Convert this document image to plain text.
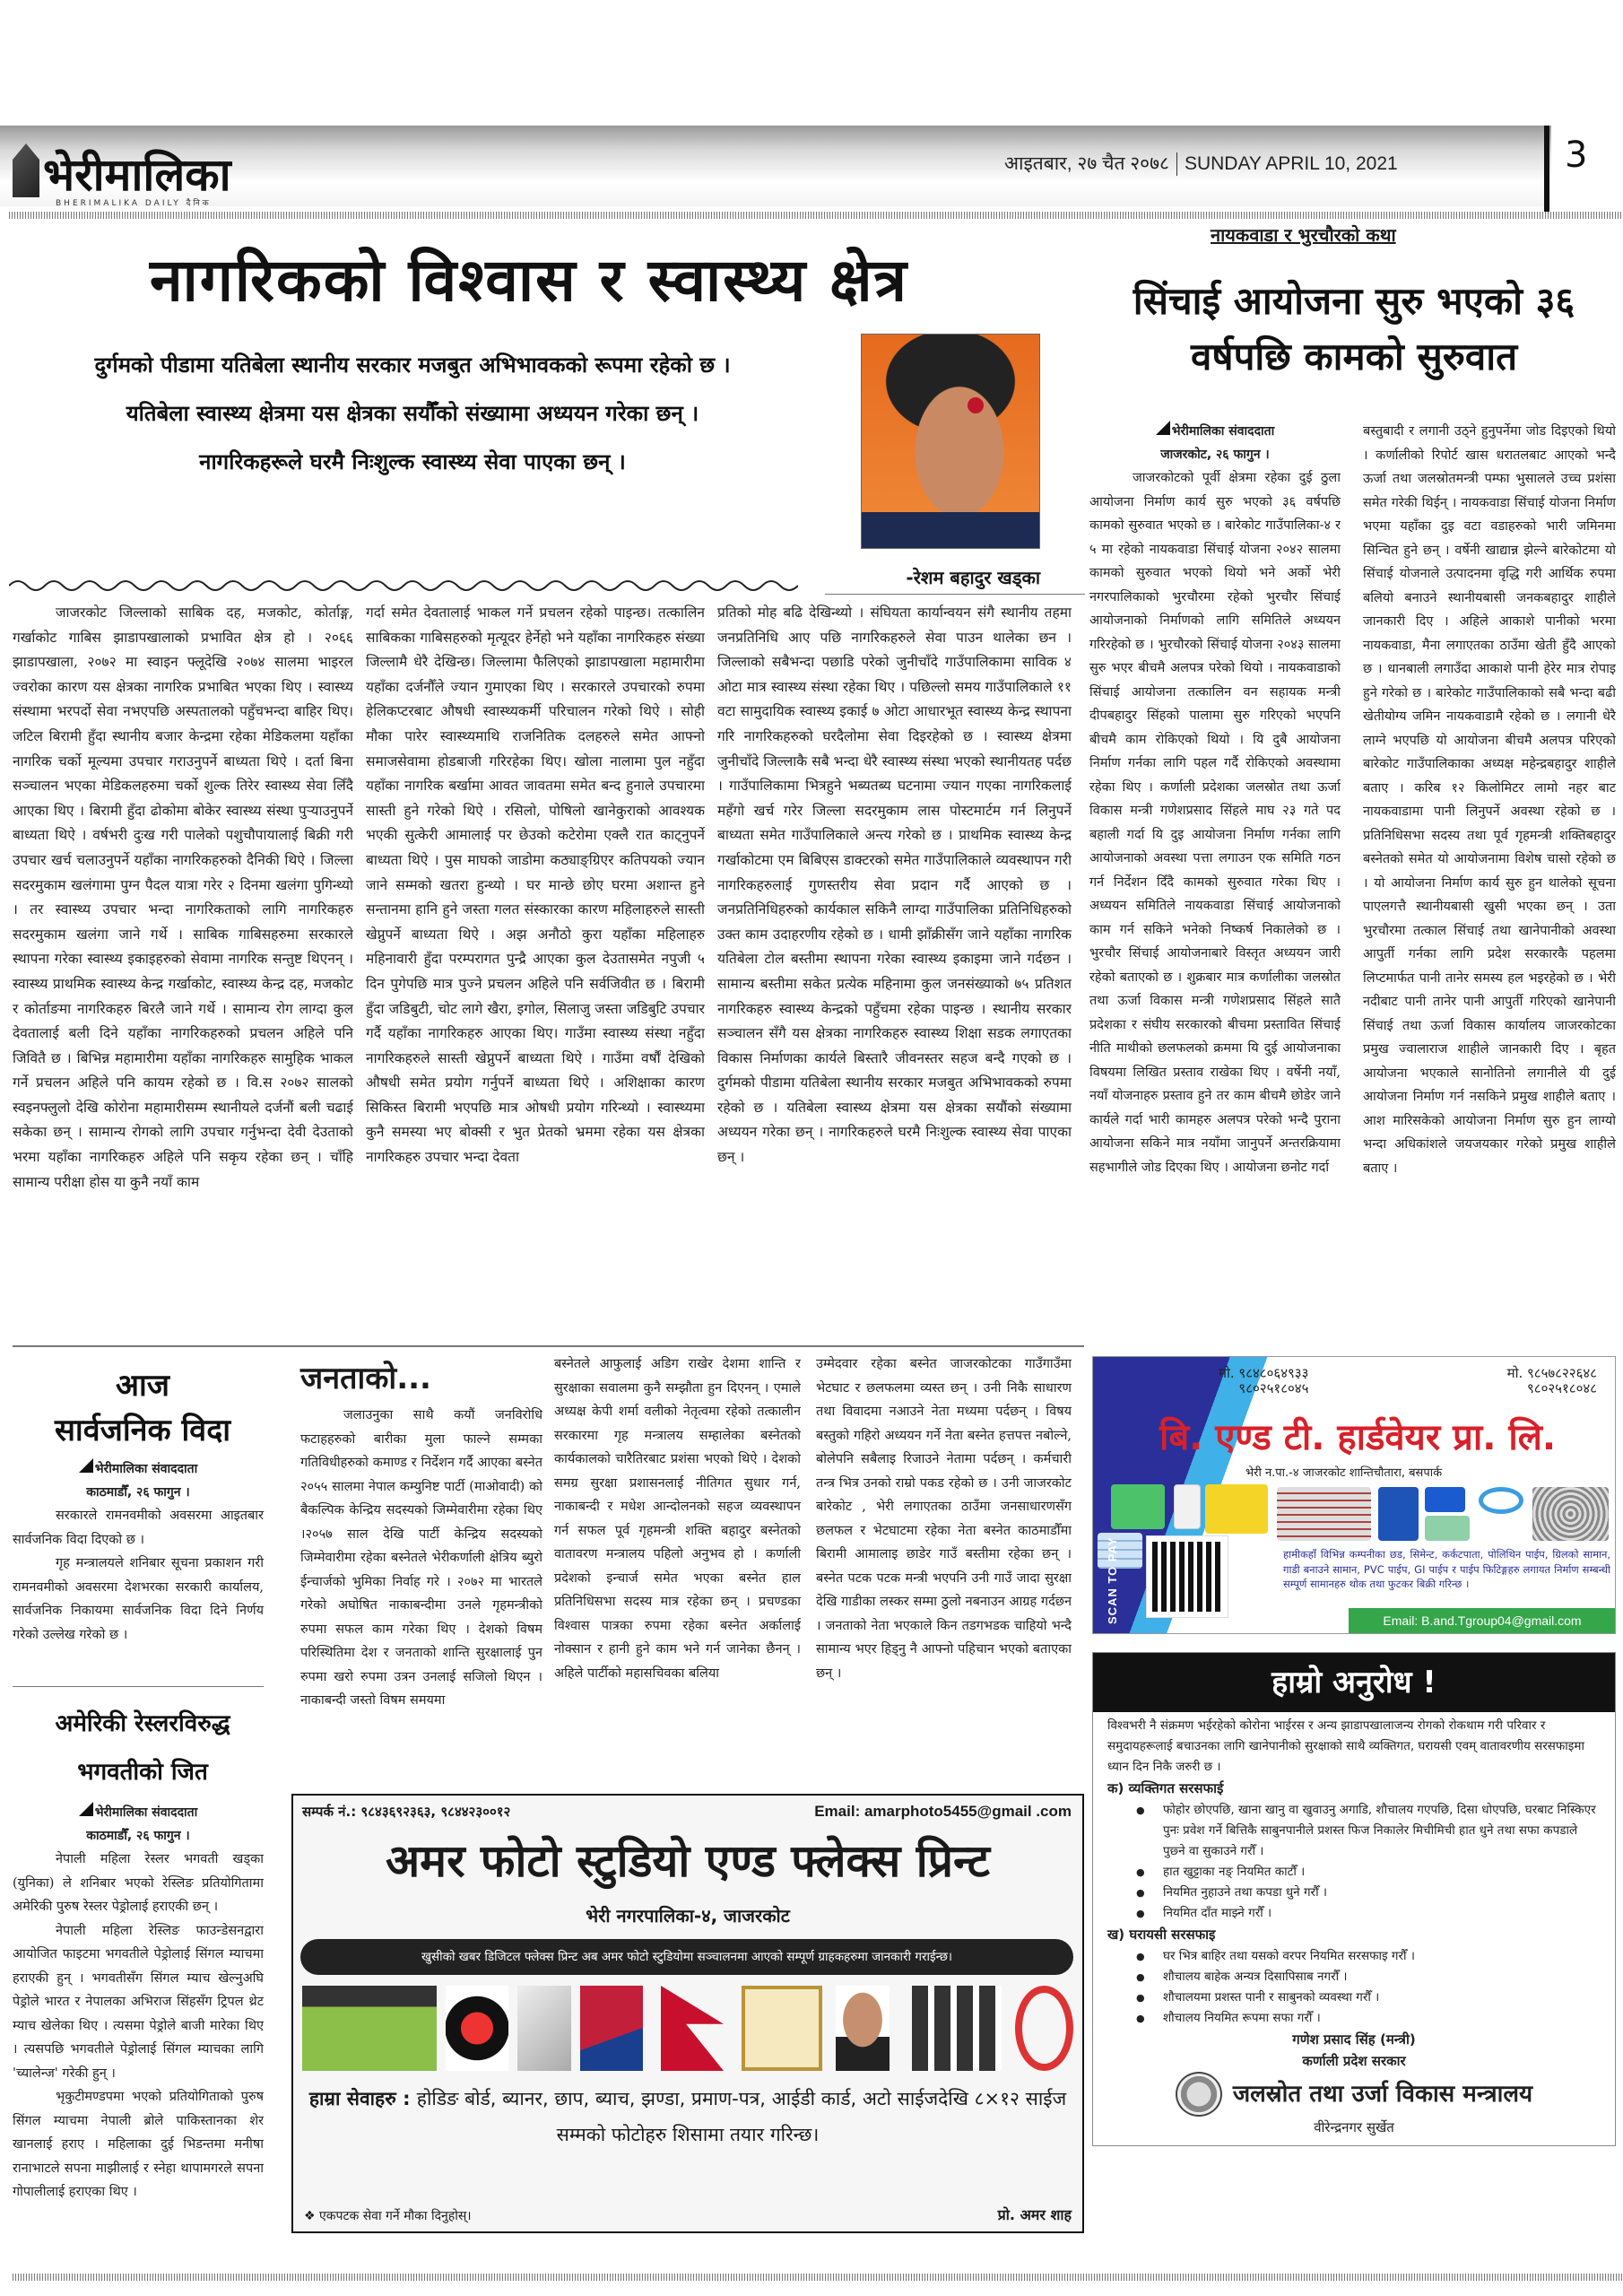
भेरीमालिका
BHERIMALIKA DAILY दैनिक
आइतबार, २७ चैत २०७८ SUNDAY APRIL 10, 2021	3
नागरिकको विश्वास र स्वास्थ्य क्षेत्र
दुर्गमको पीडामा यतिबेला स्थानीय सरकार मजबुत अभिभावकको रूपमा रहेको छ । यतिबेला स्वास्थ्य क्षेत्रमा यस क्षेत्रका सयौँको संख्यामा अध्ययन गरेका छन् । नागरिकहरूले घरमै निःशुल्क स्वास्थ्य सेवा पाएका छन् ।
-रेशम बहादुर खड्का

जाजरकोट जिल्लाको साबिक दह, मजकोट, कोर्ताङ्ग, गर्खाकोट गाबिस झाडापखालाको प्रभावित क्षेत्र हो । २०६६ झाडापखाला, २०७२ मा स्वाइन फ्लूदेखि २०७४ सालमा भाइरल ज्वरोका कारण यस क्षेत्रका नागरिक प्रभाबित भएका थिए । स्वास्थ्य संस्थामा भरपर्दो सेवा नभएपछि अस्पतालको पहुँचभन्दा बाहिर थिए। जटिल बिरामी हुँदा स्थानीय बजार केन्द्रमा रहेका मेडिकलमा यहाँका नागरिक चर्को मूल्यमा उपचार गराउनुपर्ने बाध्यता थिऐ । दर्ता बिना सञ्चालन भएका मेडिकलहरुमा चर्को शुल्क तिरेर स्वास्थ्य सेवा लिँदै आएका थिए । बिरामी हुँदा ढोकोमा बोकेर स्वास्थ्य संस्था पुऱ्याउनुपर्ने बाध्यता थिऐ । वर्षभरी दुःख गरी पालेको पशुचौपायालाई बिक्री गरी उपचार खर्च चलाउनुपर्ने यहाँका नागरिकहरुको दैनिकी थिऐ । जिल्ला सदरमुकाम खलंगामा पुग्न पैदल यात्रा गरेर २ दिनमा खलंगा पुगिन्थ्यो । तर स्वास्थ्य उपचार भन्दा नागरिकताको लागि नागरिकहरु सदरमुकाम खलंगा जाने गर्थे । साबिक गाबिसहरुमा सरकारले स्थापना गरेका स्वास्थ्य इकाइहरुको सेवामा नागरिक सन्तुष्ट थिएनन् । स्वास्थ्य प्राथमिक स्वास्थ्य केन्द्र गर्खाकोट, स्वास्थ्य केन्द्र दह, मजकोट र कोर्ताङमा नागरिकहरु बिरलै जाने गर्थे । सामान्य रोग लाग्दा कुल देवतालाई बली दिने यहाँका नागरिकहरुको प्रचलन अहिले पनि जिवितै छ । बिभिन्न महामारीमा यहाँका नागरिकहरु सामुहिक भाकल गर्ने प्रचलन अहिले पनि कायम रहेको छ । वि.स २०७२ सालको स्वइनफ्लुलो देखि कोरोना महामारीसम्म स्थानीयले दर्जनौं बली चढाई सकेका छन् । सामान्य रोगको लागि उपचार गर्नुभन्दा देवी देउताको भरमा यहाँका नागरिकहरु अहिले पनि सकृय रहेका छन् । चाँहि सामान्य परीक्षा होस या कुनै नयाँ काम

गर्दा समेत देवतालाई भाकल गर्ने प्रचलन रहेको पाइन्छ। तत्कालिन साबिकका गाबिसहरुको मृत्यूदर हेर्नेहो भने यहाँका नागरिकहरु संख्या जिल्लामै धेरै देखिन्छ। जिल्लामा फैलिएको झाडापखाला महामारीमा यहाँका दर्जनौँले ज्यान गुमाएका थिए । सरकारले उपचारको रुपमा हेलिकप्टरबाट औषधी स्वास्थ्यकर्मी परिचालन गरेको थिऐ । सोही मौका पारेर स्वास्थ्यमाथि राजनितिक दलहरुले समेत आफ्नो समाजसेवामा होडबाजी गरिरहेका थिए। खोला नालामा पुल नहुँदा यहाँका नागरिक बर्खामा आवत जावतमा समेत बन्द हुनाले उपचारमा सास्ती हुने गरेको थिऐ । रसिलो, पोषिलो खानेकुराको आवश्यक भएकी सुत्केरी आमालाई पर छेउको कटेरोमा एक्लै रात काट्नुपर्ने बाध्यता थिऐ । पुस माघको जाडोमा कठ्याङ्ग्रिएर कतिपयको ज्यान जाने सम्मको खतरा हुन्थ्यो । घर मान्छे छोए घरमा अशान्त हुने सन्तानमा हानि हुने जस्ता गलत संस्कारका कारण महिलाहरुले सास्ती खेप्नुपर्ने बाध्यता थिऐ । अझ अनौठो कुरा यहाँका महिलाहरु महिनावारी हुँदा परम्परागत पुन्द्रै आएका कुल देउतासमेत नपुजी ५ दिन पुगेपछि मात्र पुज्ने प्रचलन अहिले पनि सर्वजिवीत छ । बिरामी हुँदा जडिबुटी, चोट लागे खैरा, इगोल, सिलाजु जस्ता जडिबुटि उपचार गर्दै यहाँका नागरिकहरु आएका थिए। गाउँमा स्वास्थ्य संस्था नहुँदा नागरिकहरुले सास्ती खेप्नुपर्ने बाध्यता थिऐ । गाउँमा वर्षौं देखिको औषधी समेत प्रयोग गर्नुपर्ने बाध्यता थिऐ । अशिक्षाका कारण सिकिस्त बिरामी भएपछि मात्र ओषधी प्रयोग गरिन्थ्यो । स्वास्थ्यमा कुनै समस्या भए बोक्सी र भुत प्रेतको भ्रममा रहेका यस क्षेत्रका नागरिकहरु उपचार भन्दा देवता

प्रतिको मोह बढि देखिन्थ्यो । संघियता कार्यान्वयन संगै स्थानीय तहमा जनप्रतिनिधि आए पछि नागरिकहरुले सेवा पाउन थालेका छन । जिल्लाको सबैभन्दा पछाडि परेको जुनीचाँदे गाउँपालिकामा साविक ४ ओटा मात्र स्वास्थ्य संस्था रहेका थिए । पछिल्लो समय गाउँपालिकाले ११ वटा सामुदायिक स्वास्थ्य इकाई ७ ओटा आधारभूत स्वास्थ्य केन्द्र स्थापना गरि नागरिकहरुको घरदैलोमा सेवा दिइरहेको छ । स्वास्थ्य क्षेत्रमा जुनीचाँदे जिल्लाकै सबै भन्दा धेरै स्वास्थ्य संस्था भएको स्थानीयतह पर्दछ । गाउँपालिकामा भित्रहुने भब्यतब्य घटनामा ज्यान गएका नागरिकलाई महँगो खर्च गरेर जिल्ला सदरमुकाम लास पोस्टमार्टम गर्न लिनुपर्ने बाध्यता समेत गाउँपालिकाले अन्त्य गरेको छ । प्राथमिक स्वास्थ्य केन्द्र गर्खाकोटमा एम बिबिएस डाक्टरको समेत गाउँपालिकाले व्यवस्थापन गरी नागरिकहरुलाई गुणस्तरीय सेवा प्रदान गर्दै आएको छ । जनप्रतिनिधिहरुको कार्यकाल सकिनै लाग्दा गाउँपालिका प्रतिनिधिहरुको उक्त काम उदाहरणीय रहेको छ । धामी झाँक्रीसँग जाने यहाँका नागरिक यतिबेला टोल बस्तीमा स्थापना गरेका स्वास्थ्य इकाइमा जाने गर्दछन । सामान्य बस्तीमा सकेत प्रत्येक महिनामा कुल जनसंख्याको ७५ प्रतिशत नागरिकहरु स्वास्थ्य केन्द्रको पहुँचमा रहेका पाइन्छ । स्थानीय सरकार सञ्चालन सँगै यस क्षेत्रका नागरिकहरु स्वास्थ्य शिक्षा सडक लगाएतका विकास निर्माणका कार्यले बिस्तारै जीवनस्तर सहज बन्दै गएको छ । दुर्गमको पीडामा यतिबेला स्थानीय सरकार मजबुत अभिभावकको रुपमा रहेको छ । यतिबेला स्वास्थ्य क्षेत्रमा यस क्षेत्रका सयौंको संख्यामा अध्ययन गरेका छन् । नागरिकहरुले घरमै निःशुल्क स्वास्थ्य सेवा पाएका छन् ।

नायकवाडा र भुरचौरको कथा
सिंचाई आयोजना सुरु भएको ३६ वर्षपछि कामको सुरुवात
भेरीमालिका संवाददाता
जाजरकोट, २६ फागुन ।

जाजरकोटको पूर्वी क्षेत्रमा रहेका दुई ठुला आयोजना निर्माण कार्य सुरु भएको ३६ वर्षपछि कामको सुरुवात भएको छ । बारेकोट गाउँपालिका-४ र ५ मा रहेको नायकवाडा सिंचाई योजना २०४२ सालमा कामको सुरुवात भएको थियो भने अर्को भेरी नगरपालिकाको भुरचौरमा रहेको भुरचौर सिंचाई आयोजनाको निर्माणको लागि समितिले अध्ययन गरिरहेको छ । भुरचौरको सिंचाई योजना २०४३ सालमा सुरु भएर बीचमै अलपत्र परेको थियो । नायकवाडाको सिंचाई आयोजना तत्कालिन वन सहायक मन्त्री दीपबहादुर सिंहको पालामा सुरु गरिएको भएपनि बीचमै काम रोकिएको थियो । यि दुबै आयोजना निर्माण गर्नका लागि पहल गर्दै रोकिएको अवस्थामा रहेका थिए । कर्णाली प्रदेशका जलस्रोत तथा ऊर्जा विकास मन्त्री गणेशप्रसाद सिंहले माघ २३ गते पद बहाली गर्दा यि दुइ आयोजना निर्माण गर्नका लागि आयोजनाको अवस्था पत्ता लगाउन एक समिति गठन गर्न निर्देशन दिँदै कामको सुरुवात गरेका थिए । अध्ययन समितिले नायकवाडा सिंचाई आयोजनाको काम गर्न सकिने भनेको निष्कर्ष निकालेको छ । भुरचौर सिंचाई आयोजनाबारे विस्तृत अध्ययन जारी रहेको बताएको छ । शुक्रबार मात्र कर्णालीका जलस्रोत तथा ऊर्जा विकास मन्त्री गणेशप्रसाद सिंहले सातै प्रदेशका र संघीय सरकारको बीचमा प्रस्तावित सिंचाई नीति माथीको छलफलको क्रममा यि दुई आयोजनाका विषयमा लिखित प्रस्ताव राखेका थिए । वर्षेनी नयाँ, नयाँ योजनाहरु प्रस्ताव हुने तर काम बीचमै छोडेर जाने कार्यले गर्दा भारी कामहरु अलपत्र परेको भन्दै पुराना आयोजना सकिने मात्र नयाँमा जानुपर्ने अन्तरक्रियामा सहभागीले जोड दिएका थिए । आयोजना छनोट गर्दा

बस्तुबादी र लगानी उठ्ने हुनुपर्नेमा जोड दिइएको थियो । कर्णालीको रिपोर्ट खास धरातलबाट आएको भन्दै ऊर्जा तथा जलस्रोतमन्त्री पम्फा भुसालले उच्च प्रशंसा समेत गरेकी थिईन् । नायकवाडा सिंचाई योजना निर्माण भएमा यहाँका दुइ वटा वडाहरुको भारी जमिनमा सिन्चित हुने छन् । वर्षेनी खाद्यान्न झेल्ने बारेकोटमा यो सिंचाई योजनाले उत्पादनमा वृद्धि गरी आर्थिक रुपमा बलियो बनाउने स्थानीयबासी जनकबहादुर शाहीले जानकारी दिए । अहिले आकाशे पानीको भरमा नायकवाडा, मैना लगाएतका ठाउँमा खेती हुँदै आएको छ । धानबाली लगाउँदा आकाशे पानी हेरेर मात्र रोपाइ हुने गरेको छ । बारेकोट गाउँपालिकाको सबै भन्दा बढी खेतीयोग्य जमिन नायकवाडामै रहेको छ । लगानी धेरै लाग्ने भएपछि यो आयोजना बीचमै अलपत्र परिएको बारेकोट गाउँपालिकाका अध्यक्ष महेन्द्रबहादुर शाहीले बताए । करिब १२ किलोमिटर लामो नहर बाट नायकवाडामा पानी लिनुपर्ने अवस्था रहेको छ । प्रतिनिधिसभा सदस्य तथा पूर्व गृहमन्त्री शक्तिबहादुर बस्नेतको समेत यो आयोजनामा विशेष चासो रहेको छ । यो आयोजना निर्माण कार्य सुरु हुन थालेको सूचना पाएलगत्तै स्थानीयबासी खुसी भएका छन् । उता भुरचौरमा तत्काल सिंचाई तथा खानेपानीको अवस्था आपुर्ती गर्नका लागि प्रदेश सरकारकै पहलमा लिप्टमार्फत पानी तानेर समस्य हल भइरहेको छ । भेरी नदीबाट पानी तानेर पानी आपुर्ती गरिएको खानेपानी सिंचाई तथा ऊर्जा विकास कार्यालय जाजरकोटका प्रमुख ज्वालाराज शाहीले जानकारी दिए । बृहत आयोजना भएकाले सानोतिनो लगानीले यी दुई आयोजना निर्माण गर्न नसकिने प्रमुख शाहीले बताए । आश मारिसकेको आयोजना निर्माण सुरु हुन लाग्यो भन्दा अधिकांशले जयजयकार गरेको प्रमुख शाहीले बताए ।

आज
सार्वजनिक विदा
भेरीमालिका संवाददाता
काठमाडौँ, २६ फागुन ।

सरकारले रामनवमीको अवसरमा आइतबार सार्वजनिक विदा दिएको छ ।

गृह मन्त्रालयले शनिबार सूचना प्रकाशन गरी रामनवमीको अवसरमा देशभरका सरकारी कार्यालय, सार्वजनिक निकायमा सार्वजनिक विदा दिने निर्णय गरेको उल्लेख गरेको छ ।

अमेरिकी रेस्लरविरुद्ध
भगवतीको जित
भेरीमालिका संवाददाता
काठमाडौँ, २६ फागुन ।

नेपाली महिला रेस्लर भगवती खड्का (युनिका) ले शनिबार भएको रेस्लिङ प्रतियोगितामा अमेरिकी पुरुष रेस्लर पेड्रोलाई हराएकी छन् ।

नेपाली महिला रेस्लिङ फाउन्डेसनद्वारा आयोजित फाइटमा भगवतीले पेड्रोलाई सिंगल म्याचमा हराएकी हुन् । भगवतीसँग सिंगल म्याच खेल्नुअघि पेड्रोले भारत र नेपालका अभिराज सिंहसँग ट्रिपल थ्रेट म्याच खेलेका थिए । त्यसमा पेड्रोले बाजी मारेका थिए । त्यसपछि भगवतीले पेड्रोलाई सिंगल म्याचका लागि 'च्यालेन्ज' गरेकी हुन् ।

भृकुटीमण्डपमा भएको प्रतियोगिताको पुरुष सिंगल म्याचमा नेपाली ब्रोले पाकिस्तानका शेर खानलाई हराए । महिलाका दुई भिडन्तमा मनीषा रानाभाटले सपना माझीलाई र स्नेहा थापामगरले सपना गोपालीलाई हराएका थिए ।

जनताको...

जलाउनुका साथै कयौं जनविरोधि फटाहहरुको बारीका मुला फाल्ने सम्मका गतिविधीहरुको कमाण्ड र निर्देशन गर्दै आएका बस्नेत २०५५ सालमा नेपाल कम्युनिष्ट पार्टी (माओवादी) को बैकल्पिक केन्द्रिय सदस्यको जिम्मेवारीमा रहेका थिए ।२०५७ साल देखि पार्टी केन्द्रिय सदस्यको जिम्मेवारीमा रहेका बस्नेतले भेरीकर्णाली क्षेत्रिय ब्युरो ईन्चार्जको भुमिका निर्वाह गरे । २०७२ मा भारतले गरेको अघोषित नाकाबन्दीमा उनले गृहमन्त्रीको रुपमा सफल काम गरेका थिए । देशको विषम परिस्थितिमा देश र जनताको शान्ति सुरक्षालाई पुन रुपमा खरो रुपमा उत्रन उनलाई सजिलो थिएन । नाकाबन्दी जस्तो विषम समयमा

बस्नेतले आफुलाई अडिग राखेर देशमा शान्ति र सुरक्षाका सवालमा कुनै सम्झौता हुन दिएनन् । एमाले अध्यक्ष केपी शर्मा वलीको नेतृत्वमा रहेको तत्कालीन सरकारमा गृह मन्त्रालय सम्हालेका बस्नेतको कार्यकालको चारैतिरबाट प्रशंसा भएको थिऐ । देशको समग्र सुरक्षा प्रशासनलाई नीतिगत सुधार गर्न, नाकाबन्दी र मधेश आन्दोलनको सहज व्यवस्थापन गर्न सफल पूर्व गृहमन्त्री शक्ति बहादुर बस्नेतको वातावरण मन्त्रालय पहिलो अनुभव हो । कर्णाली प्रदेशको इन्चार्ज समेत भएका बस्नेत हाल प्रतिनिधिसभा सदस्य मात्र रहेका छन् । प्रचण्डका विश्वास पात्रका रुपमा रहेका बस्नेत अर्कालाई नोक्सान र हानी हुने काम भने गर्न जानेका छैनन् । अहिले पार्टीको महासचिवका बलिया

उम्मेदवार रहेका बस्नेत जाजरकोटका गाउँगाउँमा भेटघाट र छलफलमा व्यस्त छन् । उनी निकै साधारण तथा विवादमा नआउने नेता मध्यमा पर्दछन् । विषय बस्तुको गहिरो अध्ययन गर्ने नेता बस्नेत हत्तपत्त नबोल्ने, बोलेपनि सबैलाइ रिजाउने नेतामा पर्दछन् । कर्मचारी तन्त्र भित्र उनको राम्रो पकड रहेको छ । उनी जाजरकोट बारेकोट , भेरी लगाएतका ठाउँमा जनसाधारणसँग छलफल र भेटघाटमा रहेका नेता बस्नेत काठमाडौँमा बिरामी आमालाइ छाडेर गाउँ बस्तीमा रहेका छन् । बस्नेत पटक पटक मन्त्री भएपनि उनी गाउँ जादा सुरक्षा देखि गाडीका लस्कर सम्मा ठुलो नबनाउन आग्रह गर्दछन । जनताको नेता भएकाले किन तडगभडक चाहियो भन्दै सामान्य भएर हिड्नु नै आफ्नो पहिचान भएको बताएका छन् ।

मो. ९८४८०६४९३३
९८०२५१८०४५
मो. ९८५७८२२६४८
९८०२५१८०४८
बि. एण्ड टी. हार्डवेयर प्रा. लि.
भेरी न.पा.-४ जाजरकोट शान्तिचौतारा, बसपार्क
हामीकहाँ विभिन्न कम्पनीका छड, सिमेन्ट, कर्कटपाता, पोलिथिन पाईप, ग्रिलको सामान, गाडी बनाउने सामान, PVC पाईप, GI पाईप र पाईप फिटिङ्गहरु लगायत निर्माण सम्बन्धी सम्पूर्ण सामानहरु थोक तथा फुटकर बिक्री गरिन्छ ।
SCAN TO PAY	Email: B.and.Tgroup04@gmail.com
हाम्रो अनुरोध !
विश्वभरी नै संक्रमण भईरहेको कोरोना भाईरस र अन्य झाडापखालाजन्य रोगको रोकथाम गरी परिवार र समुदायहरूलाई बचाउनका लागि खानेपानीको सुरक्षाको साथै व्यक्तिगत, घरायसी एवम् वातावरणीय सरसफाइमा ध्यान दिन निकै जरुरी छ ।
क) व्यक्तिगत सरसफाई
● फोहोर छोएपछि, खाना खानु वा खुवाउनु अगाडि, शौचालय गएपछि, दिसा धोएपछि, घरबाट निस्किएर पुनः प्रवेश गर्ने बित्तिकै साबुनपानीले प्रशस्त फिज निकालेर मिचीमिची हात धुने तथा सफा कपडाले पुछ्ने वा सुकाउने गरौँ ।
● हात खुट्टाका नङ् नियमित काटौँ ।
● नियमित नुहाउने तथा कपडा धुने गरौँ ।
● नियमित दाँत माझ्ने गरौँ ।
ख) घरायसी सरसफाइ
● घर भित्र बाहिर तथा यसको वरपर नियमित सरसफाइ गरौँ ।
● शौचालय बाहेक अन्यत्र दिसापिसाब नगरौँ ।
● शौचालयमा प्रशस्त पानी र साबुनको व्यवस्था गरौँ ।
● शौचालय नियमित रूपमा सफा गरौँ ।
गणेश प्रसाद सिंह (मन्त्री)
कर्णाली प्रदेश सरकार
जलस्रोत तथा उर्जा विकास मन्त्रालय
वीरेन्द्रनगर सुर्खेत
सम्पर्क नं.: ९८४३६९२३६३, ९८४४२३००१२	Email: amarphoto5455@gmail .com
अमर फोटो स्टुडियो एण्ड फ्लेक्स प्रिन्ट
भेरी नगरपालिका-४, जाजरकोट
खुसीको खबर डिजिटल फ्लेक्स प्रिन्ट अब अमर फोटो स्टुडियोमा सञ्चालनमा आएको सम्पूर्ण ग्राहकहरुमा जानकारी गराईन्छ।
हाम्रा सेवाहरु : होडिङ बोर्ड, ब्यानर, छाप, ब्याच, झण्डा, प्रमाण-पत्र, आईडी कार्ड, अटो साईजदेखि ८×१२ साईज सम्मको फोटोहरु शिसामा तयार गरिन्छ।
❖ एकपटक सेवा गर्ने मौका दिनुहोस्।	प्रो. अमर शाह
